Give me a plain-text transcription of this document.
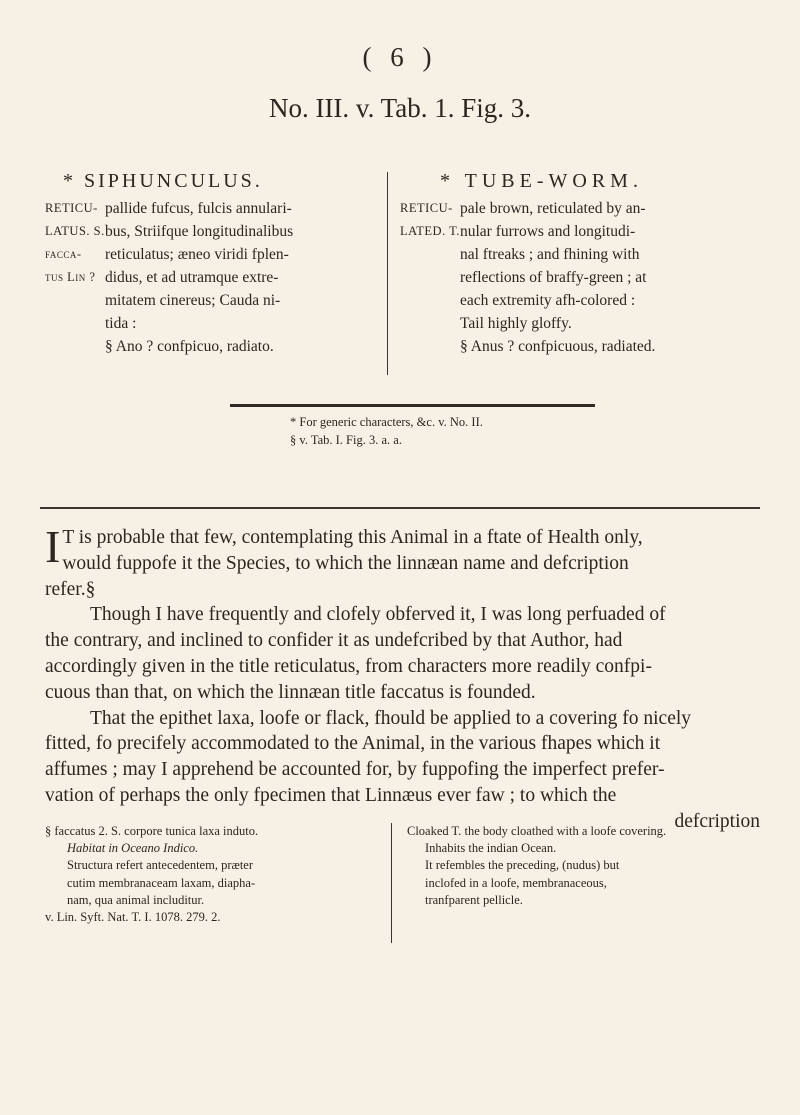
( 6 )
No. III. v. Tab. 1. Fig. 3.
* SIPHUNCULUS.
RETICU-
LATUS. S.
facca-
tus Lin ?
pallide fufcus, fulcis annulari-
bus, Striifque longitudinalibus
reticulatus; æneo viridi fplen-
didus, et ad utramque extre-
mitatem cinereus; Cauda ni-
tida :
§ Ano ? confpicuo, radiato.
* TUBE-WORM.
RETICU-
LATED. T.
pale brown, reticulated by an-
nular furrows and longitudi-
nal ftreaks ; and fhining with
reflections of braffy-green ; at
each extremity afh-colored :
Tail highly gloffy.
§ Anus ? confpicuous, radiated.
* For generic characters, &c. v. No. II.
§ v. Tab. I. Fig. 3. a. a.
I T is probable that few, contemplating this Animal in a ftate of Health only,
would fuppofe it the Species, to which the linnæan name and defcription
refer.§
Though I have frequently and clofely obferved it, I was long perfuaded of
the contrary, and inclined to confider it as undefcribed by that Author, had
accordingly given in the title reticulatus, from characters more readily confpi-
cuous than that, on which the linnæan title faccatus is founded.
That the epithet laxa, loofe or flack, fhould be applied to a covering fo nicely
fitted, fo precifely accommodated to the Animal, in the various fhapes which it
affumes ; may I apprehend be accounted for, by fuppofing the imperfect prefer-
vation of perhaps the only fpecimen that Linnæus ever faw ; to which the
defcription
§ faccatus 2. S. corpore tunica laxa induto.
Habitat in Oceano Indico.
Structura refert antecedentem, præter
cutim membranaceam laxam, diapha-
nam, qua animal includitur.
v. Lin. Syft. Nat. T. I. 1078. 279. 2.
Cloaked T. the body cloathed with a loofe covering.
Inhabits the indian Ocean.
It refembles the preceding, (nudus) but
inclofed in a loofe, membranaceous,
tranfparent pellicle.
